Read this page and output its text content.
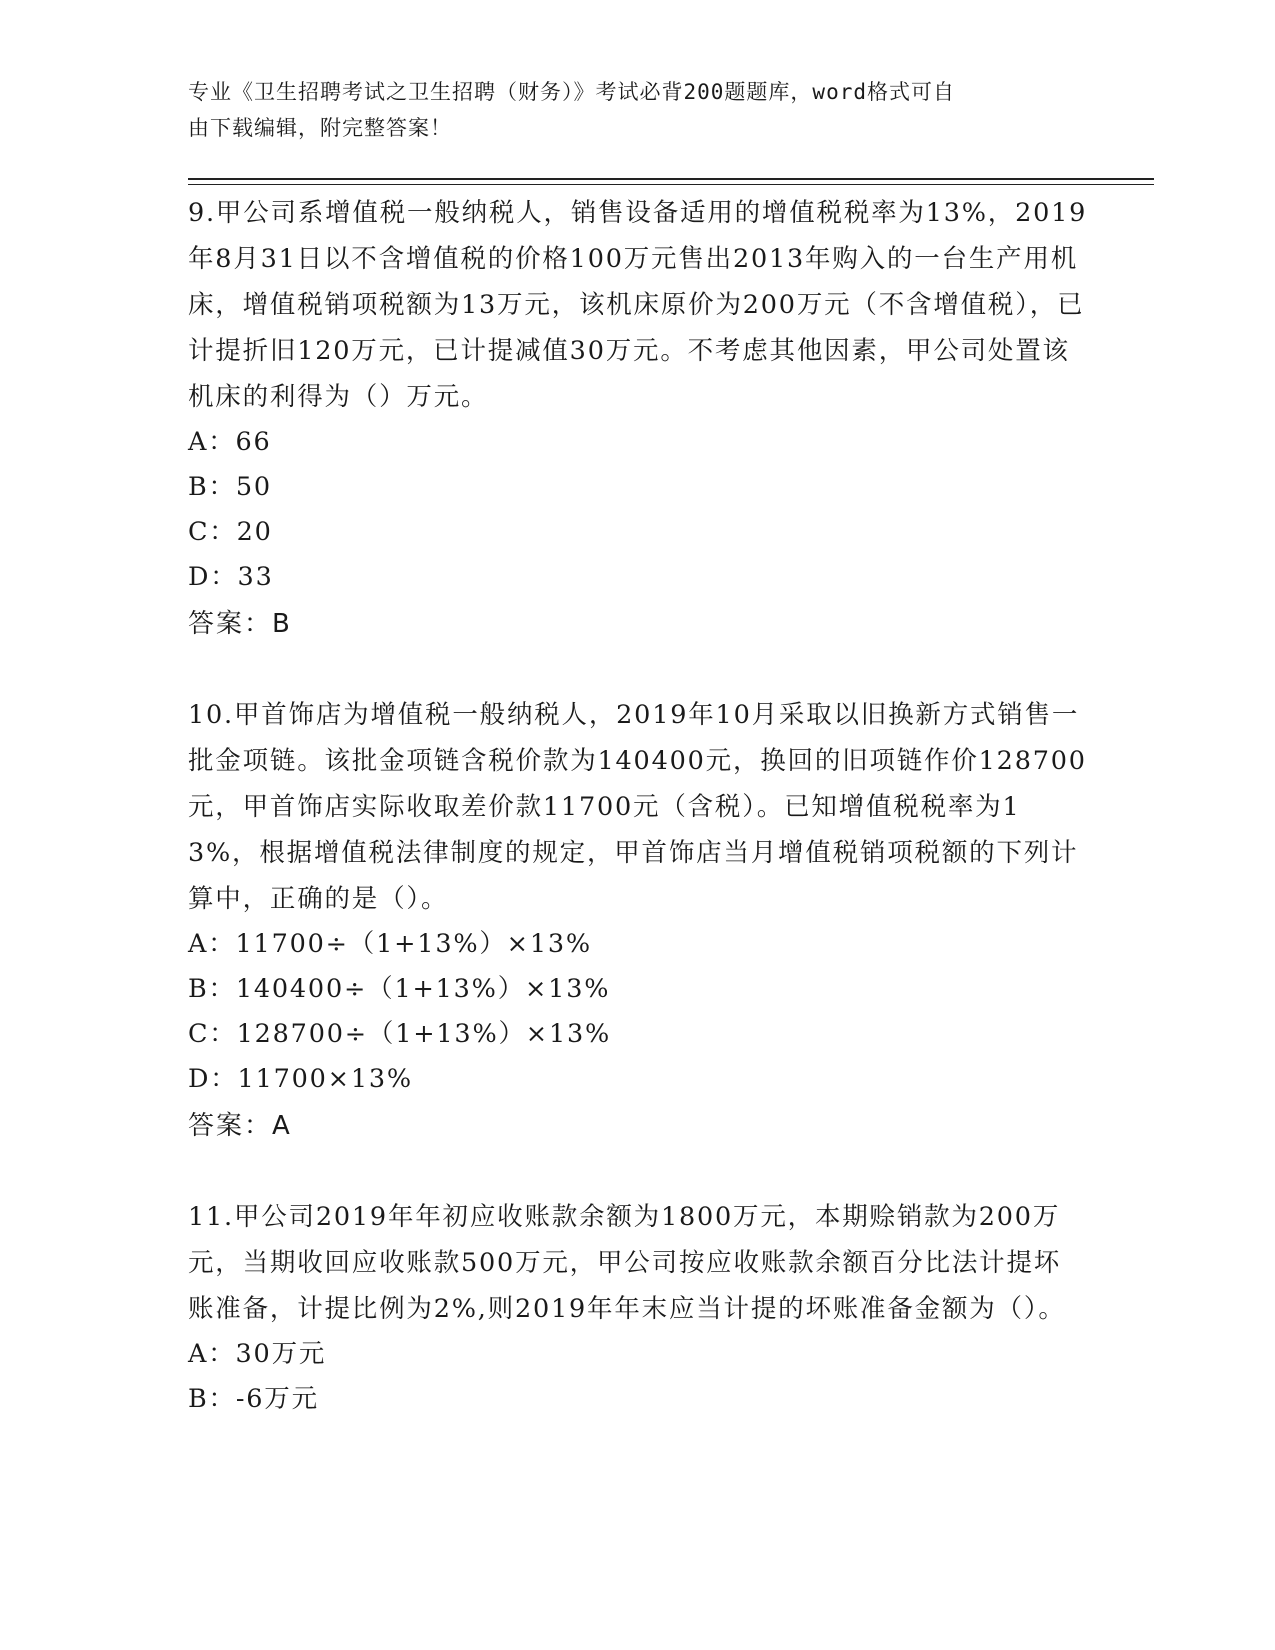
专业《卫生招聘考试之卫生招聘（财务）》考试必背200题题库，word格式可自
由下载编辑，附完整答案！

9.甲公司系增值税一般纳税人，销售设备适用的增值税税率为13%，2019年8月31日以不含增值税的价格100万元售出2013年购入的一台生产用机床，增值税销项税额为13万元，该机床原价为200万元（不含增值税），已计提折旧120万元，已计提减值30万元。不考虑其他因素，甲公司处置该机床的利得为（）万元。

A：66

B：50

C：20

D：33

答案：B

10.甲首饰店为增值税一般纳税人，2019年10月采取以旧换新方式销售一批金项链。该批金项链含税价款为140400元，换回的旧项链作价128700元，甲首饰店实际收取差价款11700元（含税）。已知增值税税率为13%，根据增值税法律制度的规定，甲首饰店当月增值税销项税额的下列计算中，正确的是（）。

A：11700÷（1+13%）×13%

B：140400÷（1+13%）×13%

C：128700÷（1+13%）×13%

D：11700×13%

答案：A

11.甲公司2019年年初应收账款余额为1800万元，本期赊销款为200万元，当期收回应收账款500万元，甲公司按应收账款余额百分比法计提坏账准备，计提比例为2%,则2019年年末应当计提的坏账准备金额为（）。

A：30万元

B：-6万元
